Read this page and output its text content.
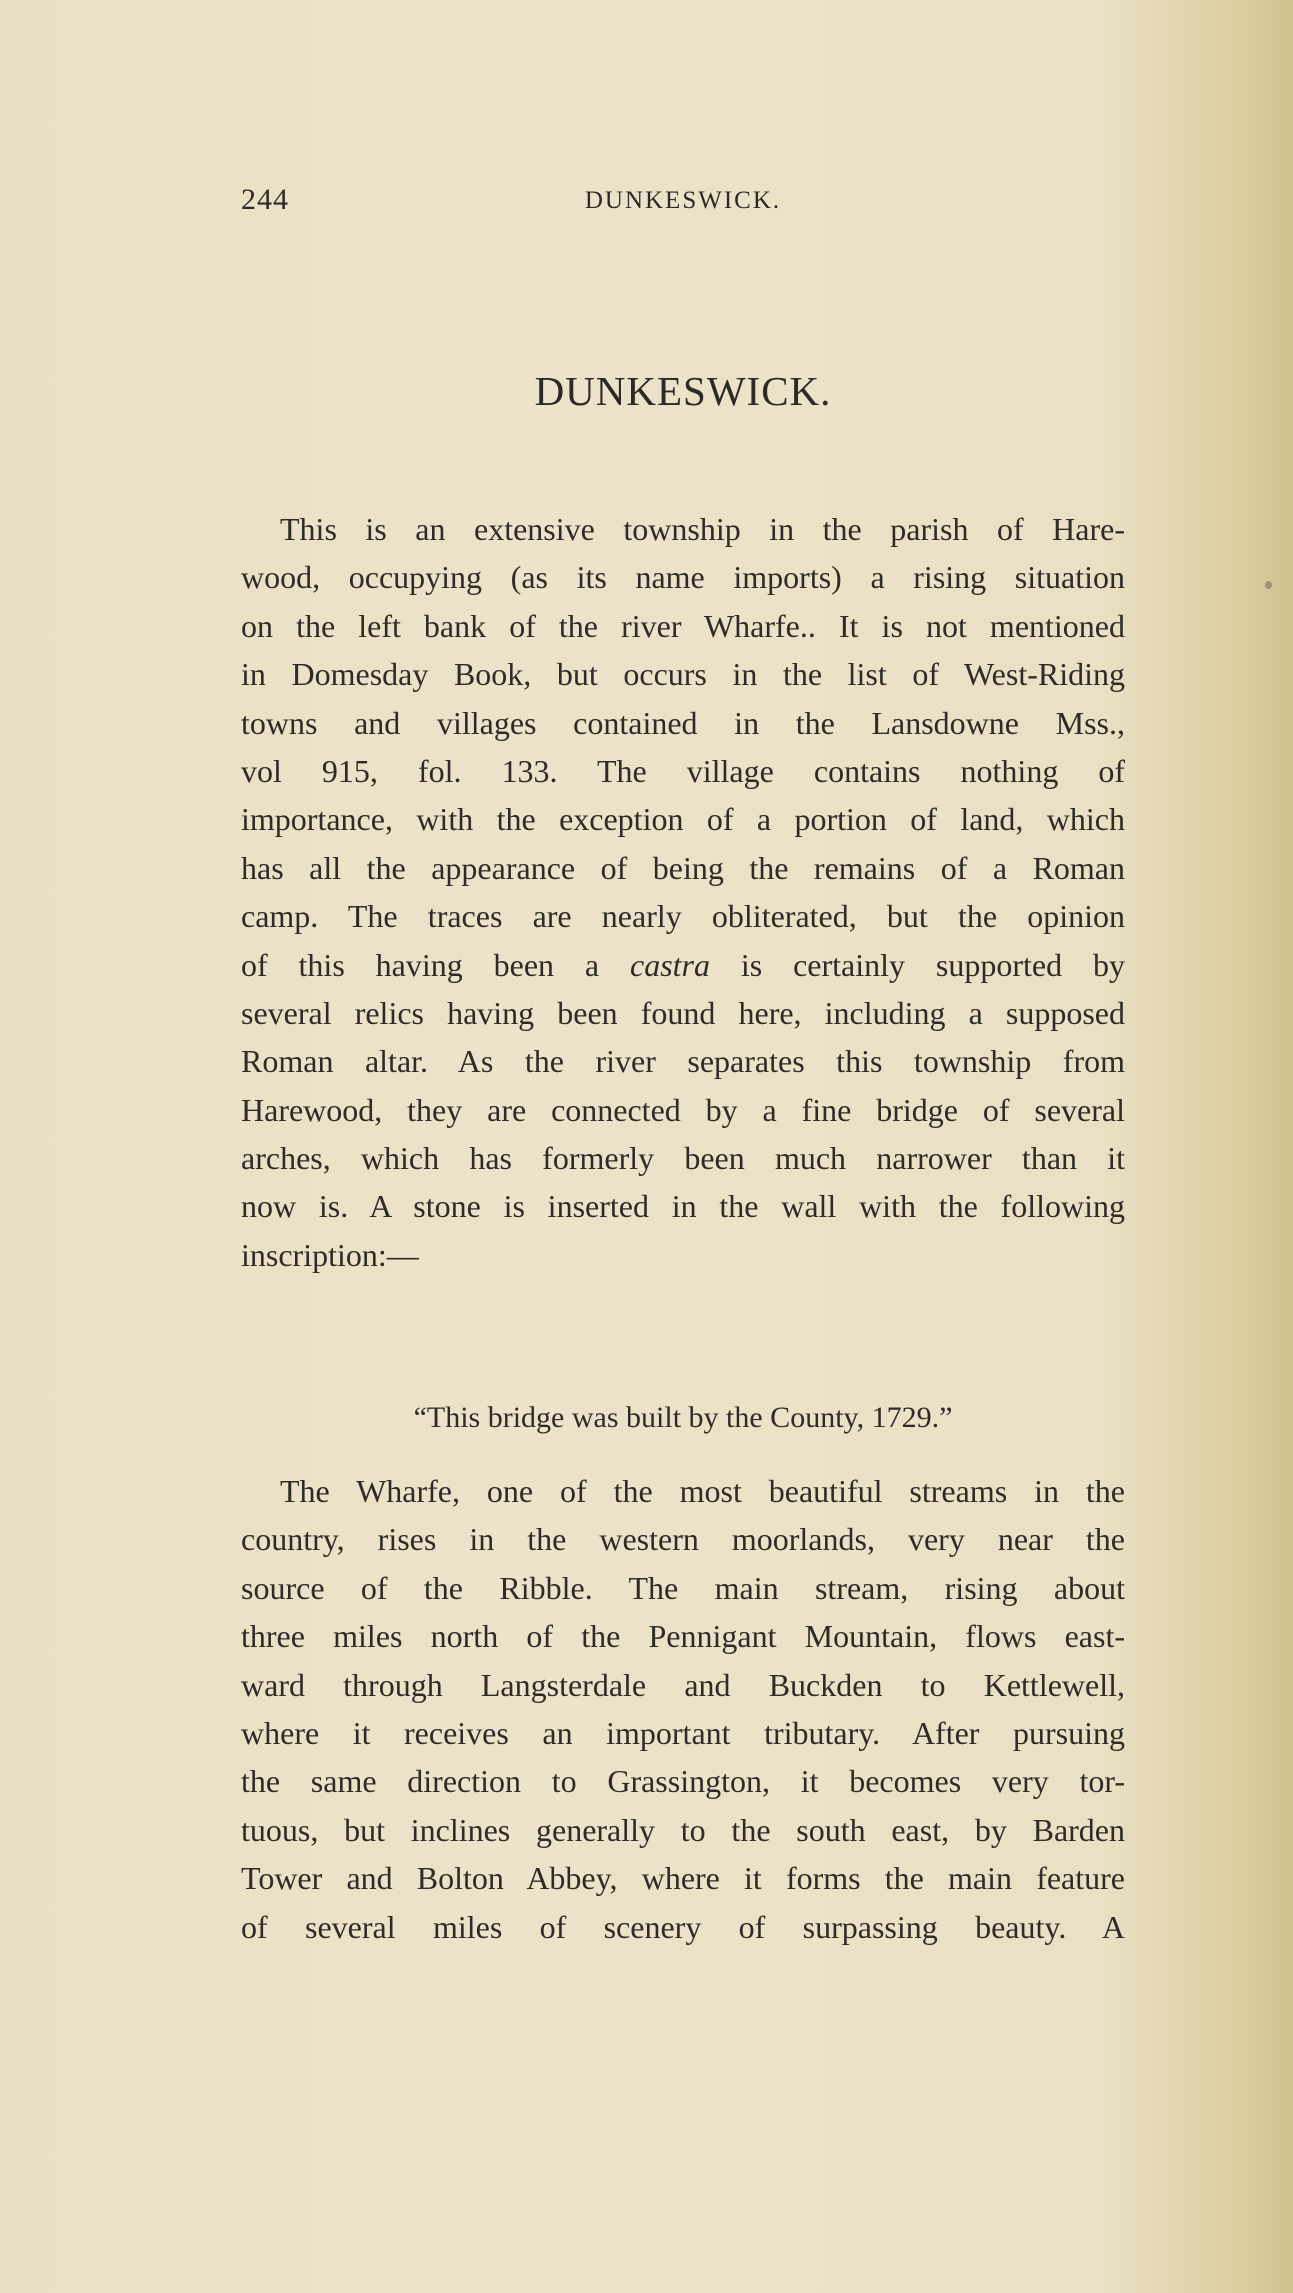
244	DUNKESWICK.
DUNKESWICK.
This is an extensive township in the parish of Hare-
wood, occupying (as its name imports) a rising situation
on the left bank of the river Wharfe.. It is not mentioned
in Domesday Book, but occurs in the list of West-Riding
towns and villages contained in the Lansdowne Mss.,
vol 915, fol. 133. The village contains nothing of
importance, with the exception of a portion of land, which
has all the appearance of being the remains of a Roman
camp. The traces are nearly obliterated, but the opinion
of this having been a castra is certainly supported by
several relics having been found here, including a supposed
Roman altar. As the river separates this township from
Harewood, they are connected by a fine bridge of several
arches, which has formerly been much narrower than it
now is. A stone is inserted in the wall with the following
inscription:—
“This bridge was built by the County, 1729.”
The Wharfe, one of the most beautiful streams in the
country, rises in the western moorlands, very near the
source of the Ribble. The main stream, rising about
three miles north of the Pennigant Mountain, flows east-
ward through Langsterdale and Buckden to Kettlewell,
where it receives an important tributary. After pursuing
the same direction to Grassington, it becomes very tor-
tuous, but inclines generally to the south east, by Barden
Tower and Bolton Abbey, where it forms the main feature
of several miles of scenery of surpassing beauty. A
